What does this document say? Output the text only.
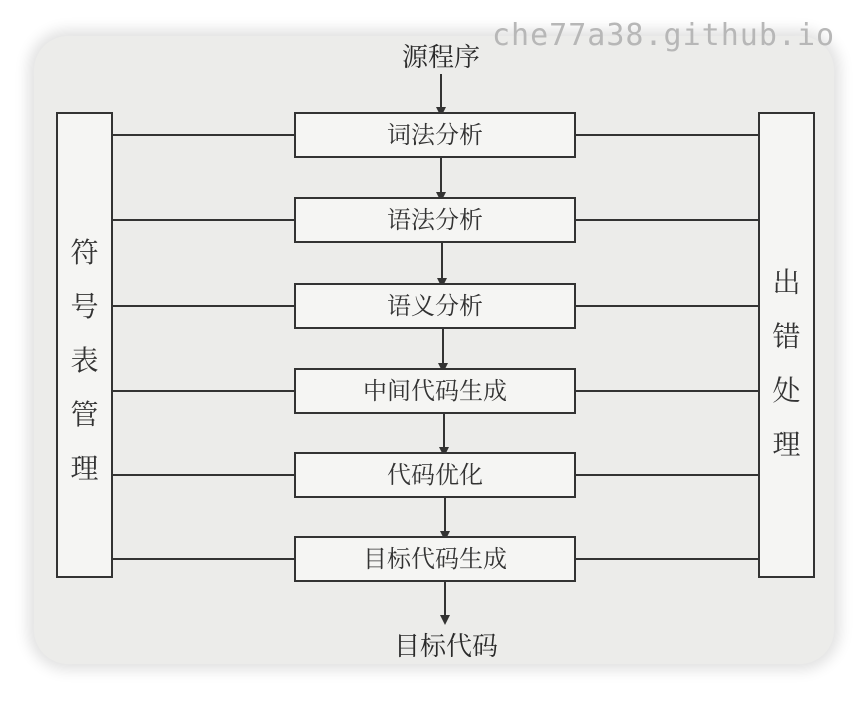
符号表管理
出错处理
词法分析
语法分析
语义分析
中间代码生成
代码优化
目标代码生成
源程序
目标代码
che77a38.github.io
